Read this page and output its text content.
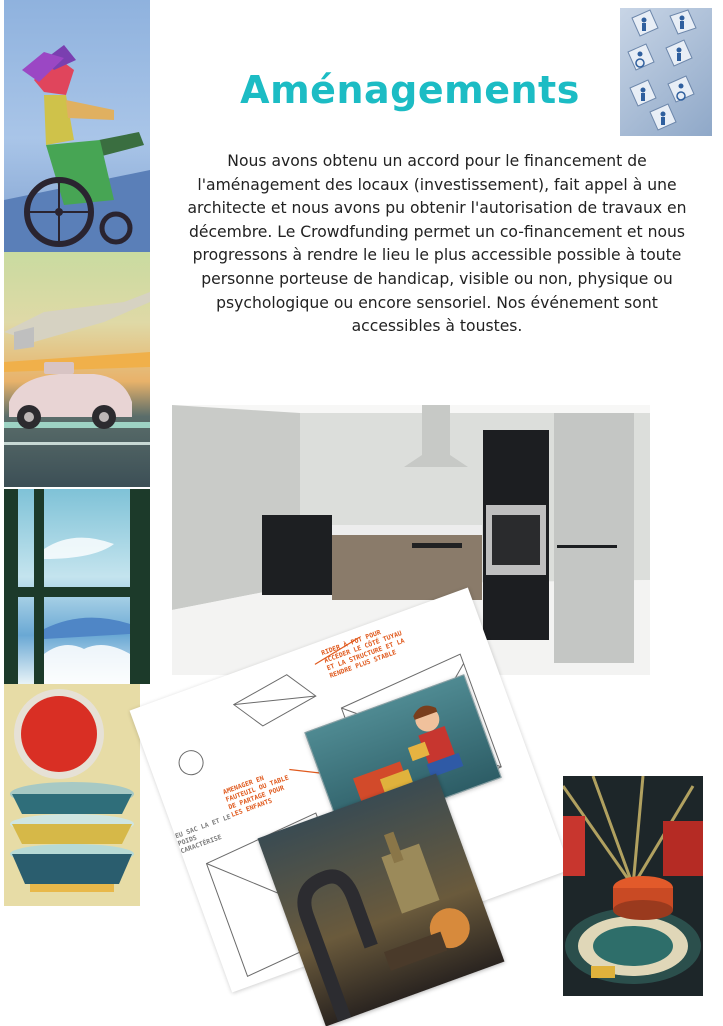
Aménagements

Nous avons obtenu un accord pour le financement de l'aménagement des locaux (investissement), fait appel à une architecte et nous avons pu obtenir l'autorisation de travaux en décembre. Le Crowdfunding permet un co-financement et nous progressons à rendre le lieu le plus accessible possible à toute personne porteuse de handicap, visible ou non, physique ou psychologique ou encore sensoriel. Nos événement sont accessibles à toustes.

RIDER À POT POUR ACCÉDER LE CÔTÉ TUYAU ET LA STRUCTURE ET LA RENDRE PLUS STABLE
AMENAGER EN FAUTEUIL OU TABLE DE PARTAGE POUR LES ENFANTS
EU SAC LA ET LE POIDS CARACTÉRISE
